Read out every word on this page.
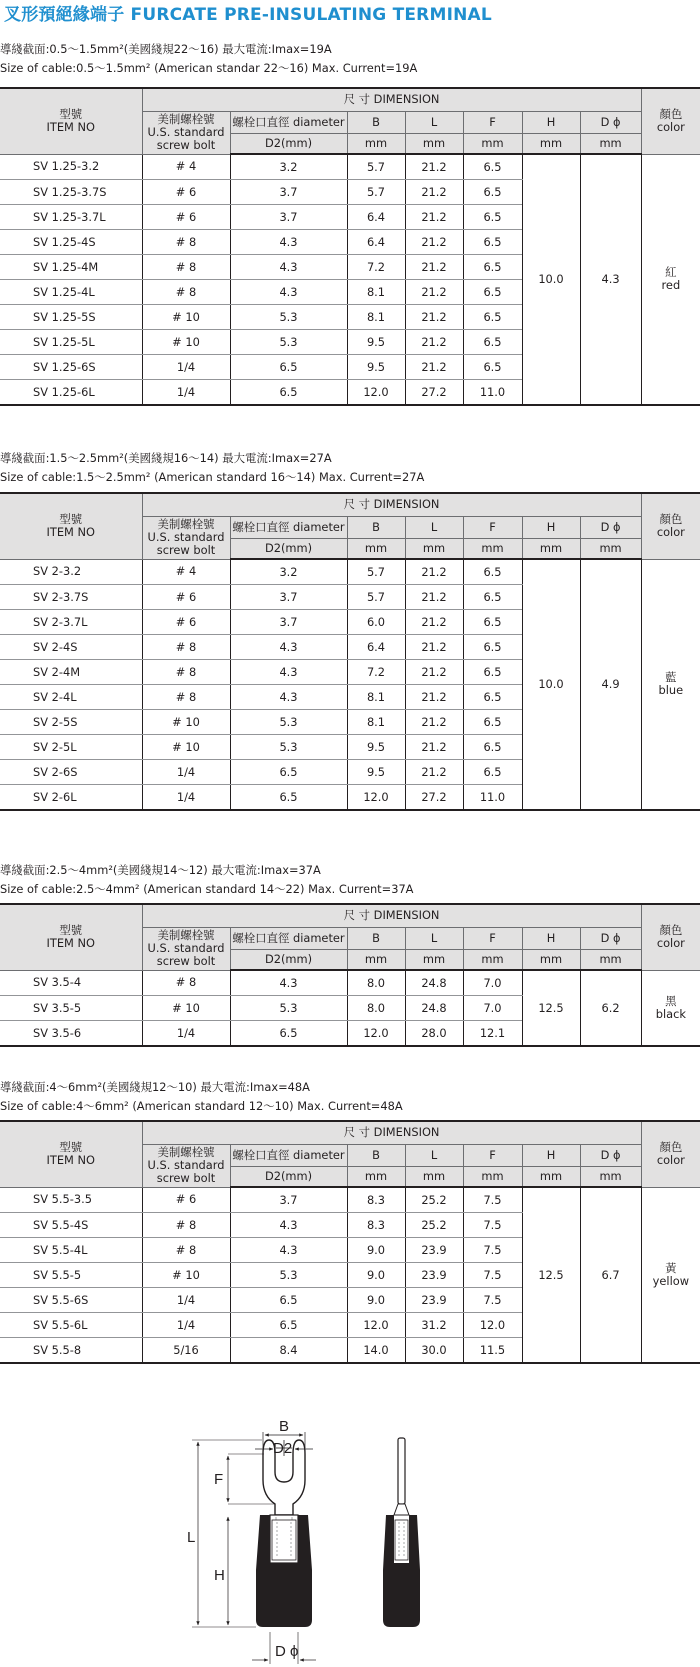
叉形預絕緣端子 FURCATE PRE-INSULATING TERMINAL
導綫截面:0.5～1.5mm²(美國綫規22～16) 最大電流:Imax=19A
Size of cable:0.5～1.5mm² (American standar 22～16) Max. Current=19A
型號
ITEM NO	尺 寸 DIMENSION							顏色
color
	美制螺栓號
U.S. standard
screw bolt	螺栓口直徑 diameter	B	L	F	H	D ϕ	
		D2(mm)	mm	mm	mm	mm	mm	
SV 1.25-3.2	# 4	3.2	5.7	21.2	6.5	10.0	4.3	紅
red
SV 1.25-3.7S	# 6	3.7	5.7	21.2	6.5			
SV 1.25-3.7L	# 6	3.7	6.4	21.2	6.5			
SV 1.25-4S	# 8	4.3	6.4	21.2	6.5			
SV 1.25-4M	# 8	4.3	7.2	21.2	6.5			
SV 1.25-4L	# 8	4.3	8.1	21.2	6.5			
SV 1.25-5S	# 10	5.3	8.1	21.2	6.5			
SV 1.25-5L	# 10	5.3	9.5	21.2	6.5			
SV 1.25-6S	1/4	6.5	9.5	21.2	6.5			
SV 1.25-6L	1/4	6.5	12.0	27.2	11.0			
導綫截面:1.5～2.5mm²(美國綫規16～14) 最大電流:Imax=27A
Size of cable:1.5～2.5mm² (American standard 16～14) Max. Current=27A
型號
ITEM NO	尺 寸 DIMENSION							顏色
color
	美制螺栓號
U.S. standard
screw bolt	螺栓口直徑 diameter	B	L	F	H	D ϕ	
		D2(mm)	mm	mm	mm	mm	mm	
SV 2-3.2	# 4	3.2	5.7	21.2	6.5	10.0	4.9	藍
blue
SV 2-3.7S	# 6	3.7	5.7	21.2	6.5			
SV 2-3.7L	# 6	3.7	6.0	21.2	6.5			
SV 2-4S	# 8	4.3	6.4	21.2	6.5			
SV 2-4M	# 8	4.3	7.2	21.2	6.5			
SV 2-4L	# 8	4.3	8.1	21.2	6.5			
SV 2-5S	# 10	5.3	8.1	21.2	6.5			
SV 2-5L	# 10	5.3	9.5	21.2	6.5			
SV 2-6S	1/4	6.5	9.5	21.2	6.5			
SV 2-6L	1/4	6.5	12.0	27.2	11.0			
導綫截面:2.5～4mm²(美國綫規14～12) 最大電流:Imax=37A
Size of cable:2.5～4mm² (American standard 14～22) Max. Current=37A
型號
ITEM NO	尺 寸 DIMENSION							顏色
color
	美制螺栓號
U.S. standard
screw bolt	螺栓口直徑 diameter	B	L	F	H	D ϕ	
		D2(mm)	mm	mm	mm	mm	mm	
SV 3.5-4	# 8	4.3	8.0	24.8	7.0	12.5	6.2	黑
black
SV 3.5-5	# 10	5.3	8.0	24.8	7.0			
SV 3.5-6	1/4	6.5	12.0	28.0	12.1			
導綫截面:4～6mm²(美國綫規12～10) 最大電流:Imax=48A
Size of cable:4～6mm² (American standard 12～10) Max. Current=48A
型號
ITEM NO	尺 寸 DIMENSION							顏色
color
	美制螺栓號
U.S. standard
screw bolt	螺栓口直徑 diameter	B	L	F	H	D ϕ	
		D2(mm)	mm	mm	mm	mm	mm	
SV 5.5-3.5	# 6	3.7	8.3	25.2	7.5	12.5	6.7	黃
yellow
SV 5.5-4S	# 8	4.3	8.3	25.2	7.5			
SV 5.5-4L	# 8	4.3	9.0	23.9	7.5			
SV 5.5-5	# 10	5.3	9.0	23.9	7.5			
SV 5.5-6S	1/4	6.5	9.0	23.9	7.5			
SV 5.5-6L	1/4	6.5	12.0	31.2	12.0			
SV 5.5-8	5/16	8.4	14.0	30.0	11.5			
B
D2
L
F
H
D ϕ
